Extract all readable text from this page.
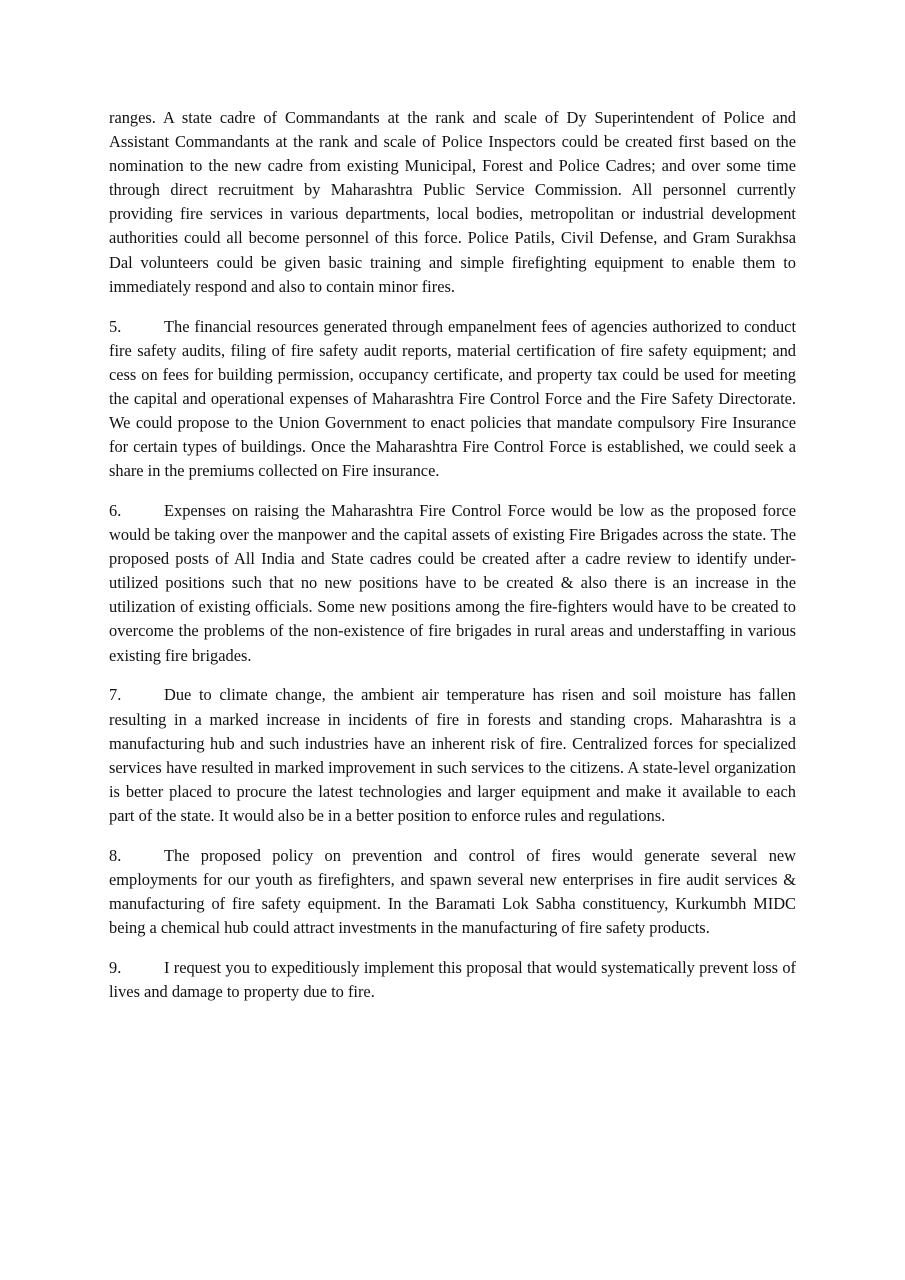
ranges. A state cadre of Commandants at the rank and scale of Dy Superintendent of Police and Assistant Commandants at the rank and scale of Police Inspectors could be created first based on the nomination to the new cadre from existing Municipal, Forest and Police Cadres; and over some time through direct recruitment by Maharashtra Public Service Commission. All personnel currently providing fire services in various departments, local bodies, metropolitan or industrial development authorities could all become personnel of this force. Police Patils, Civil Defense, and Gram Surakhsa Dal volunteers could be given basic training and simple firefighting equipment to enable them to immediately respond and also to contain minor fires.

5.	The financial resources generated through empanelment fees of agencies authorized to conduct fire safety audits, filing of fire safety audit reports, material certification of fire safety equipment; and cess on fees for building permission, occupancy certificate, and property tax could be used for meeting the capital and operational expenses of Maharashtra Fire Control Force and the Fire Safety Directorate. We could propose to the Union Government to enact policies that mandate compulsory Fire Insurance for certain types of buildings. Once the Maharashtra Fire Control Force is established, we could seek a share in the premiums collected on Fire insurance.

6.	Expenses on raising the Maharashtra Fire Control Force would be low as the proposed force would be taking over the manpower and the capital assets of existing Fire Brigades across the state. The proposed posts of All India and State cadres could be created after a cadre review to identify under-utilized positions such that no new positions have to be created & also there is an increase in the utilization of existing officials. Some new positions among the fire-fighters would have to be created to overcome the problems of the non-existence of fire brigades in rural areas and understaffing in various existing fire brigades.

7.	Due to climate change, the ambient air temperature has risen and soil moisture has fallen resulting in a marked increase in incidents of fire in forests and standing crops. Maharashtra is a manufacturing hub and such industries have an inherent risk of fire. Centralized forces for specialized services have resulted in marked improvement in such services to the citizens. A state-level organization is better placed to procure the latest technologies and larger equipment and make it available to each part of the state. It would also be in a better position to enforce rules and regulations.

8.	The proposed policy on prevention and control of fires would generate several new employments for our youth as firefighters, and spawn several new enterprises in fire audit services & manufacturing of fire safety equipment. In the Baramati Lok Sabha constituency, Kurkumbh MIDC being a chemical hub could attract investments in the manufacturing of fire safety products.

9.	I request you to expeditiously implement this proposal that would systematically prevent loss of lives and damage to property due to fire.
